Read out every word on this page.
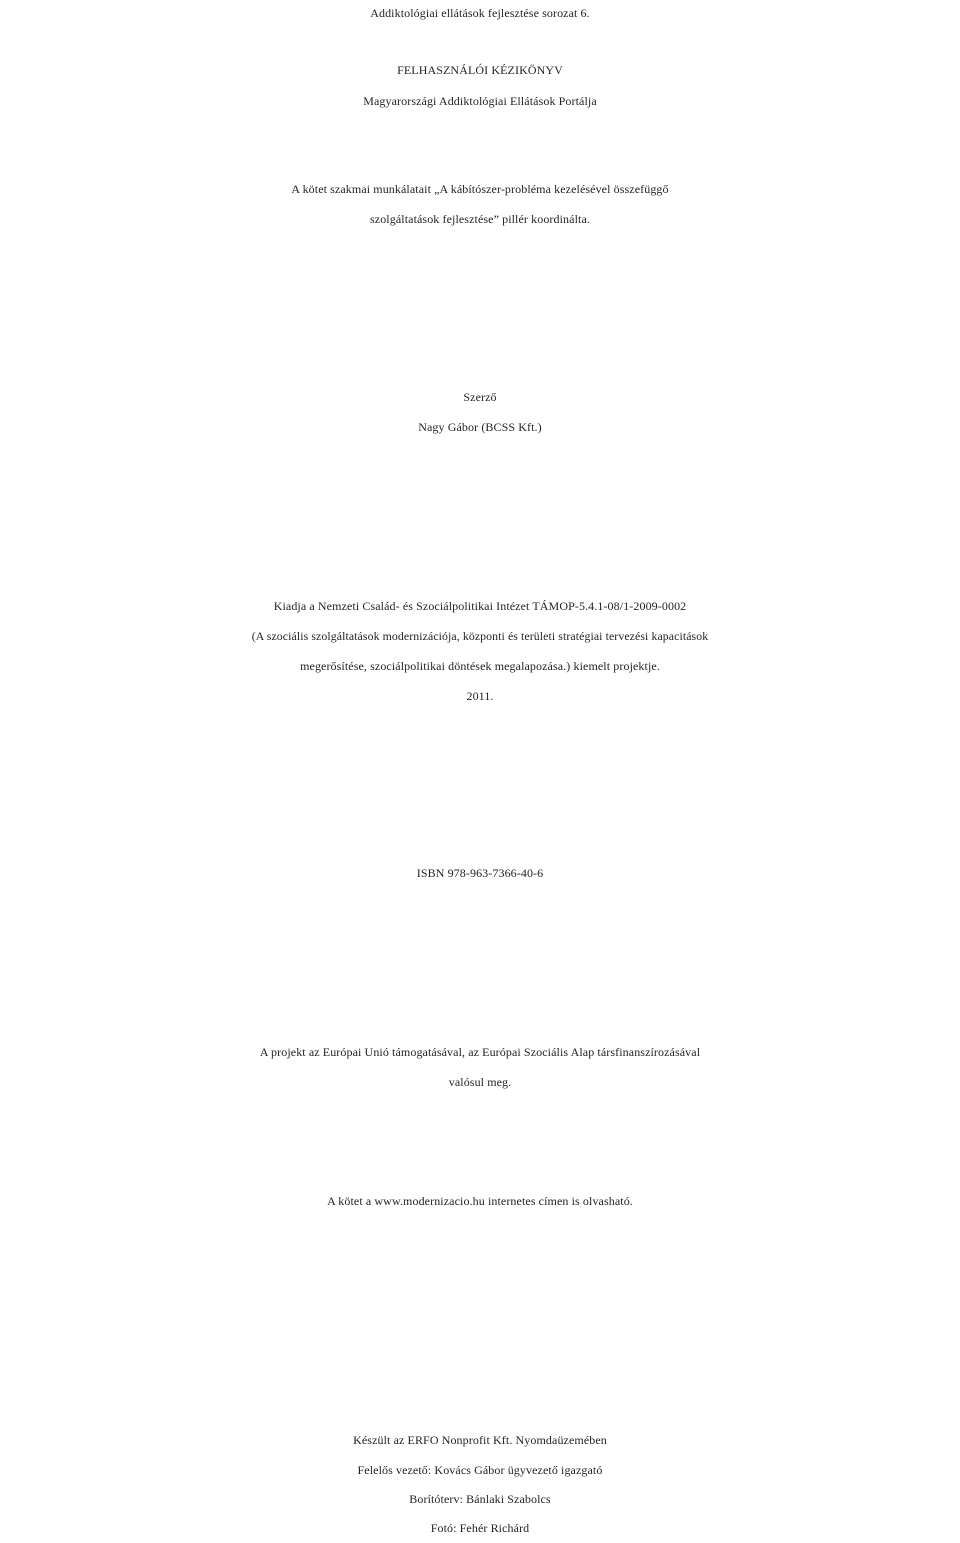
Addiktológiai ellátások fejlesztése sorozat 6.
FELHASZNÁLÓI KÉZIKÖNYV
Magyarországi Addiktológiai Ellátások Portálja
A kötet szakmai munkálatait „A kábítószer-probléma kezelésével összefüggő
szolgáltatások fejlesztése” pillér koordinálta.
Szerző
Nagy Gábor (BCSS Kft.)
Kiadja a Nemzeti Család- és Szociálpolitikai Intézet TÁMOP-5.4.1-08/1-2009-0002
(A szociális szolgáltatások modernizációja, központi és területi stratégiai tervezési kapacitások
megerősítése, szociálpolitikai döntések megalapozása.) kiemelt projektje.
2011.
ISBN 978-963-7366-40-6
A projekt az Európai Unió támogatásával, az Európai Szociális Alap társfinanszírozásával
valósul meg.
A kötet a www.modernizacio.hu internetes címen is olvasható.
Készült az ERFO Nonprofit Kft. Nyomdaüzemében
Felelős vezető: Kovács Gábor ügyvezető igazgató
Borítóterv: Bánlaki Szabolcs
Fotó: Fehér Richárd
